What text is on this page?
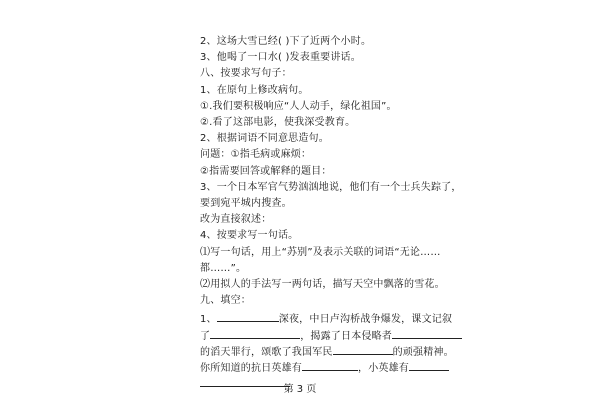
2、这场大雪已经( )下了近两个小时。
3、他喝了一口水( )发表重要讲话。
八、按要求写句子：
1、在原句上修改病句。
①.我们要积极响应“人人动手，绿化祖国”。
②.看了这部电影，使我深受教育。
2、根据词语不同意思造句。
问题：①指毛病或麻烦：
②指需要回答或解释的题目：
3、一个日本军官气势汹汹地说，他们有一个士兵失踪了，
要到宛平城内搜查。
改为直接叙述：
4、按要求写一句话。
⑴写一句话，用上“苏别”及表示关联的词语“无论……
都……”。
⑵用拟人的手法写一两句话，描写天空中飘落的雪花。
九、填空：
1、	深夜，中日卢沟桥战争爆发，课文记叙
了	，揭露了日本侵略者
的滔天罪行，颂歌了我国军民	的顽强精神。
你所知道的抗日英雄有	，小英雄有
第 3 页
